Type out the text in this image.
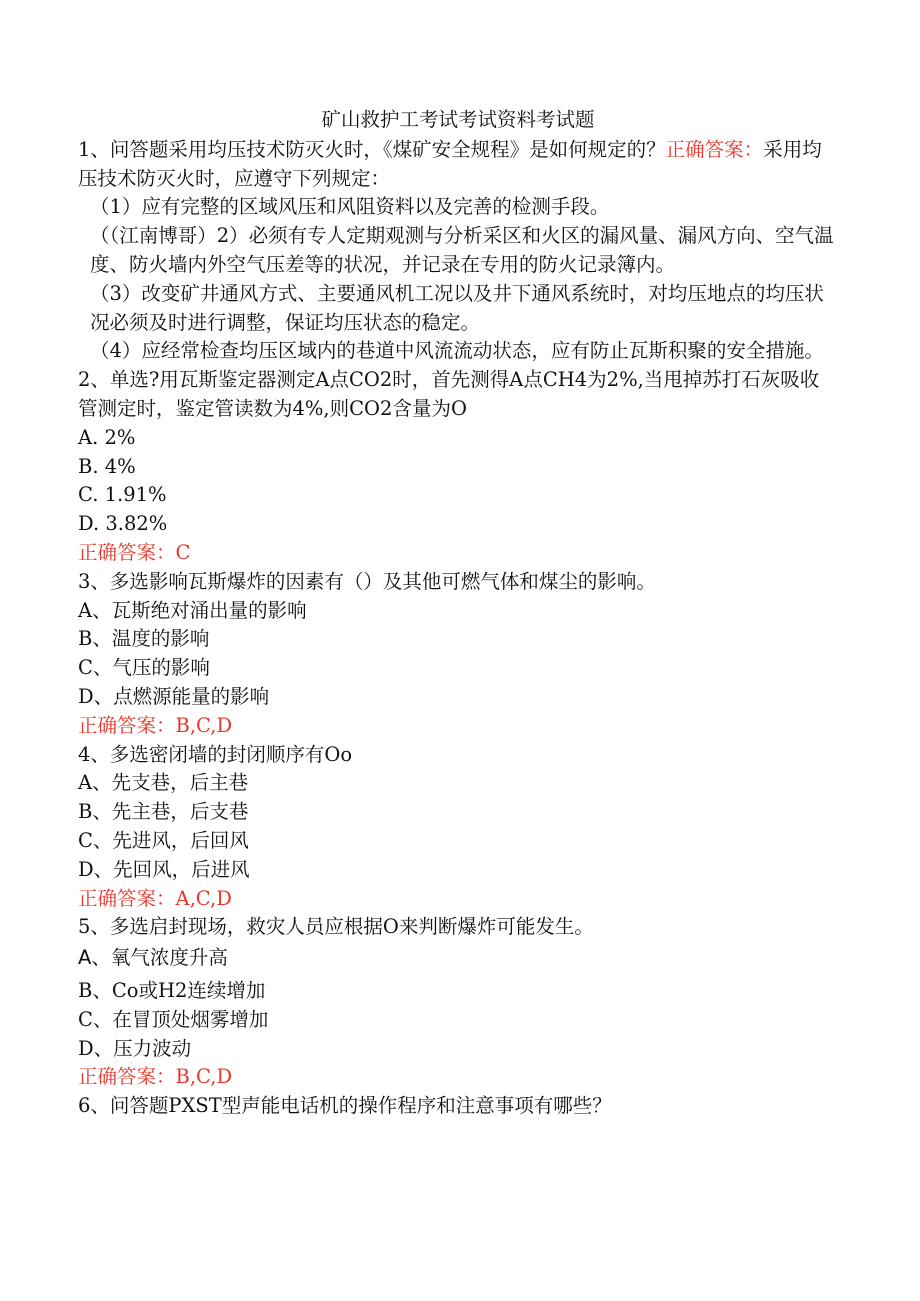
矿山救护工考试考试资料考试题

1、问答题采用均压技术防灭火时，《煤矿安全规程》是如何规定的？正确答案：采用均压技术防灭火时，应遵守下列规定：

（1）应有完整的区域风压和风阻资料以及完善的检测手段。

（（江南博哥）2）必须有专人定期观测与分析采区和火区的漏风量、漏风方向、空气温度、防火墙内外空气压差等的状况，并记录在专用的防火记录簿内。

（3）改变矿井通风方式、主要通风机工况以及井下通风系统时，对均压地点的均压状况必须及时进行调整，保证均压状态的稳定。

（4）应经常检查均压区域内的巷道中风流流动状态，应有防止瓦斯积聚的安全措施。

2、单选?用瓦斯鉴定器测定A点CO2时，首先测得A点CH4为2%,当甩掉苏打石灰吸收管测定时，鉴定管读数为4%,则CO2含量为O

A. 2%

B. 4%

C. 1.91%

D. 3.82%

正确答案：C

3、多选影响瓦斯爆炸的因素有（）及其他可燃气体和煤尘的影响。

A、瓦斯绝对涌出量的影响

B、温度的影响

C、气压的影响

D、点燃源能量的影响

正确答案：B,C,D

4、多选密闭墙的封闭顺序有Oo

A、先支巷，后主巷

B、先主巷，后支巷

C、先进风，后回风

D、先回风，后进风

正确答案：A,C,D

5、多选启封现场，救灾人员应根据O来判断爆炸可能发生。

A、氧气浓度升高

B、Co或H2连续增加

C、在冒顶处烟雾增加

D、压力波动

正确答案：B,C,D

6、问答题PXST型声能电话机的操作程序和注意事项有哪些？
